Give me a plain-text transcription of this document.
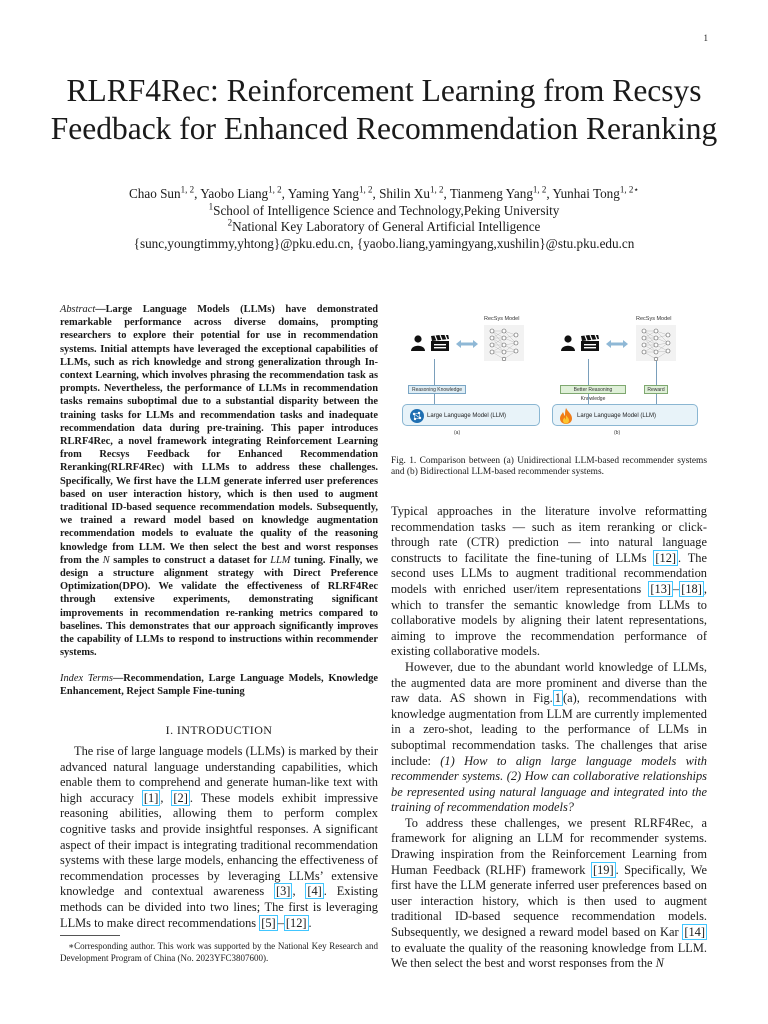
1
RLRF4Rec: Reinforcement Learning from Recsys Feedback for Enhanced Recommendation Reranking
Chao Sun$^{1, 2}$, Yaobo Liang$^{1, 2}$, Yaming Yang$^{1, 2}$, Shilin Xu$^{1, 2}$, Tianmeng Yang$^{1, 2}$, Yunhai Tong$^{1, 2⋆}$
$^1$School of Intelligence Science and Technology,Peking University
$^2$National Key Laboratory of General Artificial Intelligence
{sunc,youngtimmy,yhtong}@pku.edu.cn, {yaobo.liang,yamingyang,xushilin}@stu.pku.edu.cn
Abstract—Large Language Models (LLMs) have demonstrated remarkable performance across diverse domains, prompting researchers to explore their potential for use in recommendation systems. Initial attempts have leveraged the exceptional capabilities of LLMs, such as rich knowledge and strong generalization through In-context Learning, which involves phrasing the recommendation task as prompts. Nevertheless, the performance of LLMs in recommendation tasks remains suboptimal due to a substantial disparity between the training tasks for LLMs and recommendation tasks and inadequate recommendation data during pre-training. This paper introduces RLRF4Rec, a novel framework integrating Reinforcement Learning from Recsys Feedback for Enhanced Recommendation Reranking(RLRF4Rec) with LLMs to address these challenges. Specifically, We first have the LLM generate inferred user preferences based on user interaction history, which is then used to augment traditional ID-based sequence recommendation models. Subsequently, we trained a reward model based on knowledge augmentation recommendation models to evaluate the quality of the reasoning knowledge from LLM. We then select the best and worst responses from the N samples to construct a dataset for LLM tuning. Finally, we design a structure alignment strategy with Direct Preference Optimization(DPO). We validate the effectiveness of RLRF4Rec through extensive experiments, demonstrating significant improvements in recommendation re-ranking metrics compared to baselines. This demonstrates that our approach significantly improves the capability of LLMs to respond to instructions within recommender systems.
Index Terms—Recommendation, Large Language Models, Knowledge Enhancement, Reject Sample Fine-tuning
I. INTRODUCTION

The rise of large language models (LLMs) is marked by their advanced natural language understanding capabilities, which enable them to comprehend and generate human-like text with high accuracy [1] , [2] . These models exhibit impressive reasoning abilities, allowing them to perform complex cognitive tasks and provide insightful responses. A significant aspect of their impact is integrating traditional recommendation systems with these large models, enhancing the effectiveness of recommendation processes by leveraging LLMs’ extensive knowledge and contextual awareness [3] , [4] . Existing methods can be divided into two lines; The first is leveraging LLMs to make direct recommendations [5] – [12] .

∗Corresponding author. This work was supported by the National Key Research and Development Program of China (No. 2023YFC3807600).

RecSys Model
Reasoning Knowledge
Large Language Model (LLM)
(a)
RecSys Model
Better Reasoning Knowledge
Reward
Large Language Model (LLM)
(b)
Fig. 1. Comparison between (a) Unidirectional LLM-based recommender systems and (b) Bidirectional LLM-based recommender systems.

Typical approaches in the literature involve reformatting recommendation tasks — such as item reranking or click-through rate (CTR) prediction — into natural language constructs to facilitate the fine-tuning of LLMs [12] . The second uses LLMs to augment traditional recommendation models with enriched user/item representations [13] – [18] , which to transfer the semantic knowledge from LLMs to collaborative models by aligning their latent representations, aiming to improve the recommendation performance of existing collaborative models.

However, due to the abundant world knowledge of LLMs, the augmented data are more prominent and diverse than the raw data. AS shown in Fig. 1 (a), recommendations with knowledge augmentation from LLM are currently implemented in a zero-shot, leading to the performance of LLMs in suboptimal recommendation tasks. The challenges that arise include: (1) How to align large language models with recommender systems. (2) How can collaborative relationships be represented using natural language and integrated into the training of recommendation models?

To address these challenges, we present RLRF4Rec, a framework for aligning an LLM for recommender systems. Drawing inspiration from the Reinforcement Learning from Human Feedback (RLHF) framework [19] . Specifically, We first have the LLM generate inferred user preferences based on user interaction history, which is then used to augment traditional ID-based sequence recommendation models. Subsequently, we designed a reward model based on Kar [14] to evaluate the quality of the reasoning knowledge from LLM. We then select the best and worst responses from the N
